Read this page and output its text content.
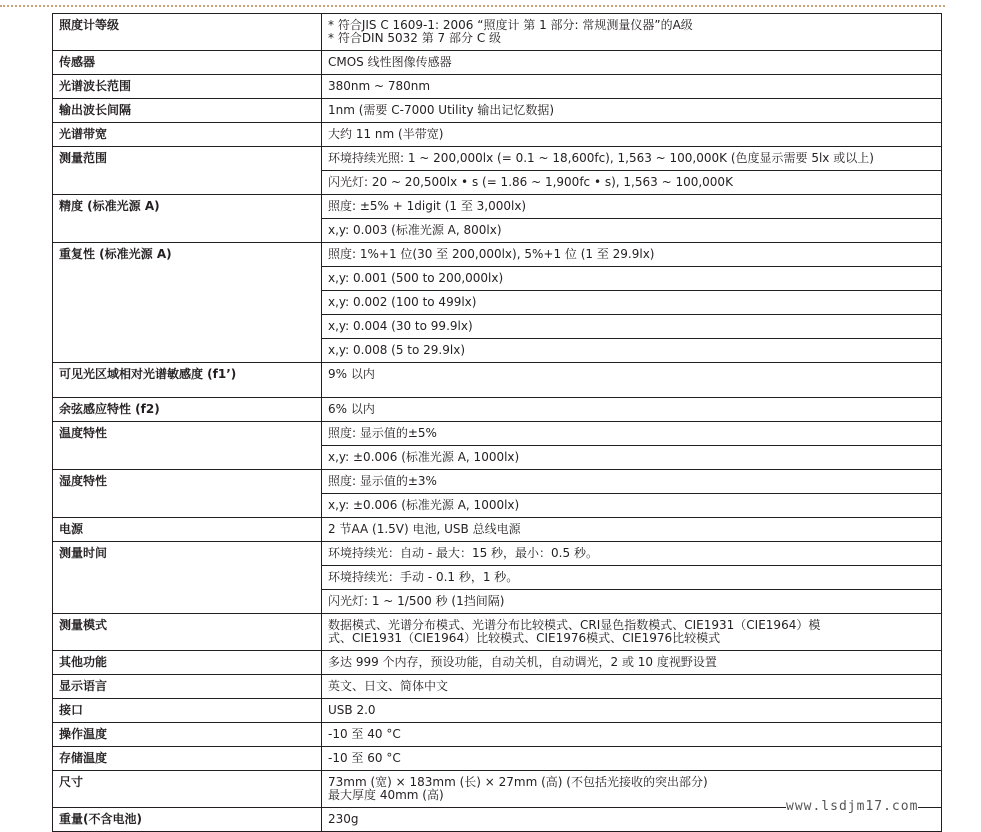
照度计等级	* 符合JIS C 1609-1: 2006 “照度计 第 1 部分: 常规测量仪器”的A级
* 符合DIN 5032 第 7 部分 C 级
传感器	CMOS 线性图像传感器
光谱波长范围	380nm ~ 780nm
输出波长间隔	1nm (需要 C-7000 Utility 输出记忆数据)
光谱带宽	大约 11 nm (半带宽)
测量范围	环境持续光照: 1 ~ 200,000lx (= 0.1 ~ 18,600fc), 1,563 ~ 100,000K (色度显示需要 5lx 或以上)
	闪光灯: 20 ~ 20,500lx • s (= 1.86 ~ 1,900fc • s), 1,563 ~ 100,000K
精度 (标准光源 A)	照度: ±5% + 1digit (1 至 3,000lx)
	x,y: 0.003 (标准光源 A, 800lx)
重复性 (标准光源 A)	照度: 1%+1 位(30 至 200,000lx), 5%+1 位 (1 至 29.9lx)
	x,y: 0.001 (500 to 200,000lx)
	x,y: 0.002 (100 to 499lx)
	x,y: 0.004 (30 to 99.9lx)
	x,y: 0.008 (5 to 29.9lx)
可见光区域相对光谱敏感度 (f1’)	9% 以内
余弦感应特性 (f2)	6% 以内
温度特性	照度: 显示值的±5%
	x,y: ±0.006 (标准光源 A, 1000lx)
湿度特性	照度: 显示值的±3%
	x,y: ±0.006 (标准光源 A, 1000lx)
电源	2 节AA (1.5V) 电池, USB 总线电源
测量时间	环境持续光：自动 - 最大：15 秒，最小：0.5 秒。
	环境持续光：手动 - 0.1 秒，1 秒。
	闪光灯: 1 ~ 1/500 秒 (1挡间隔)
测量模式	数据模式、光谱分布模式、光谱分布比较模式、CRI显色指数模式、CIE1931（CIE1964）模
式、CIE1931（CIE1964）比较模式、CIE1976模式、CIE1976比较模式
其他功能	多达 999 个内存，预设功能，自动关机，自动调光，2 或 10 度视野设置
显示语言	英文、日文、简体中文
接口	USB 2.0
操作温度	-10 至 40 °C
存储温度	-10 至 60 °C
尺寸	73mm (宽) × 183mm (长) × 27mm (高) (不包括光接收的突出部分)
最大厚度 40mm (高)
重量(不含电池)	230g
www.lsdjm17.com
